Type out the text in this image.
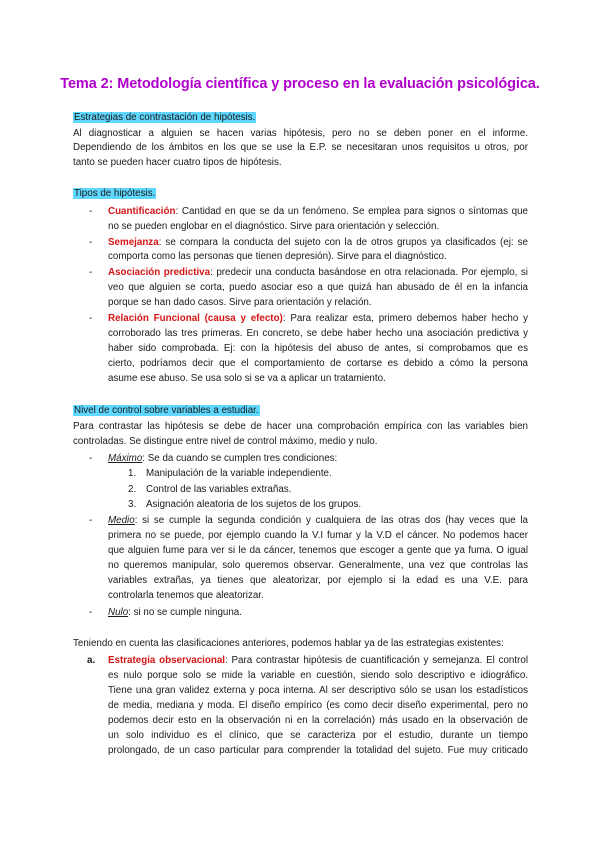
Tema 2: Metodología científica y proceso en la evaluación psicológica.
Estrategias de contrastación de hipótesis.
Al diagnosticar a alguien se hacen varias hipótesis, pero no se deben poner en el informe.
Dependiendo de los ámbitos en los que se use la E.P. se necesitaran unos requisitos u otros, por
tanto se pueden hacer cuatro tipos de hipótesis.
Tipos de hipótesis.
- Cuantificación: Cantidad en que se da un fenómeno. Se emplea para signos o síntomas que
no se pueden englobar en el diagnóstico. Sirve para orientación y selección.
- Semejanza: se compara la conducta del sujeto con la de otros grupos ya clasificados (ej: se
comporta como las personas que tienen depresión). Sirve para el diagnóstico.
- Asociación predictiva: predecir una conducta basándose en otra relacionada. Por ejemplo, si
veo que alguien se corta, puedo asociar eso a que quizá han abusado de él en la infancia
porque se han dado casos. Sirve para orientación y relación.
- Relación Funcional (causa y efecto): Para realizar esta, primero debemos haber hecho y
corroborado las tres primeras. En concreto, se debe haber hecho una asociación predictiva y
haber sido comprobada. Ej: con la hipótesis del abuso de antes, si comprobamos que es
cierto, podríamos decir que el comportamiento de cortarse es debido a cómo la persona
asume ese abuso. Se usa solo si se va a aplicar un tratamiento.
Nivel de control sobre variables a estudiar.
Para contrastar las hipótesis se debe de hacer una comprobación empírica con las variables bien
controladas. Se distingue entre nivel de control máximo, medio y nulo.
- Máximo: Se da cuando se cumplen tres condiciones:
1. Manipulación de la variable independiente.
2. Control de las variables extrañas.
3. Asignación aleatoria de los sujetos de los grupos.
- Medio: si se cumple la segunda condición y cualquiera de las otras dos (hay veces que la
primera no se puede, por ejemplo cuando la V.I fumar y la V.D el cáncer. No podemos hacer
que alguien fume para ver si le da cáncer, tenemos que escoger a gente que ya fuma. O igual
no queremos manipular, solo queremos observar. Generalmente, una vez que controlas las
variables extrañas, ya tienes que aleatorizar, por ejemplo si la edad es una V.E. para
controlarla tenemos que aleatorizar.
- Nulo: si no se cumple ninguna.
Teniendo en cuenta las clasificaciones anteriores, podemos hablar ya de las estrategias existentes:
a. Estrategia observacional: Para contrastar hipótesis de cuantificación y semejanza. El control
es nulo porque solo se mide la variable en cuestión, siendo solo descriptivo e idiográfico.
Tiene una gran validez externa y poca interna. Al ser descriptivo sólo se usan los estadísticos
de media, mediana y moda. El diseño empírico (es como decir diseño experimental, pero no
podemos decir esto en la observación ni en la correlación) más usado en la observación de
un solo individuo es el clínico, que se caracteriza por el estudio, durante un tiempo
prolongado, de un caso particular para comprender la totalidad del sujeto. Fue muy criticado
